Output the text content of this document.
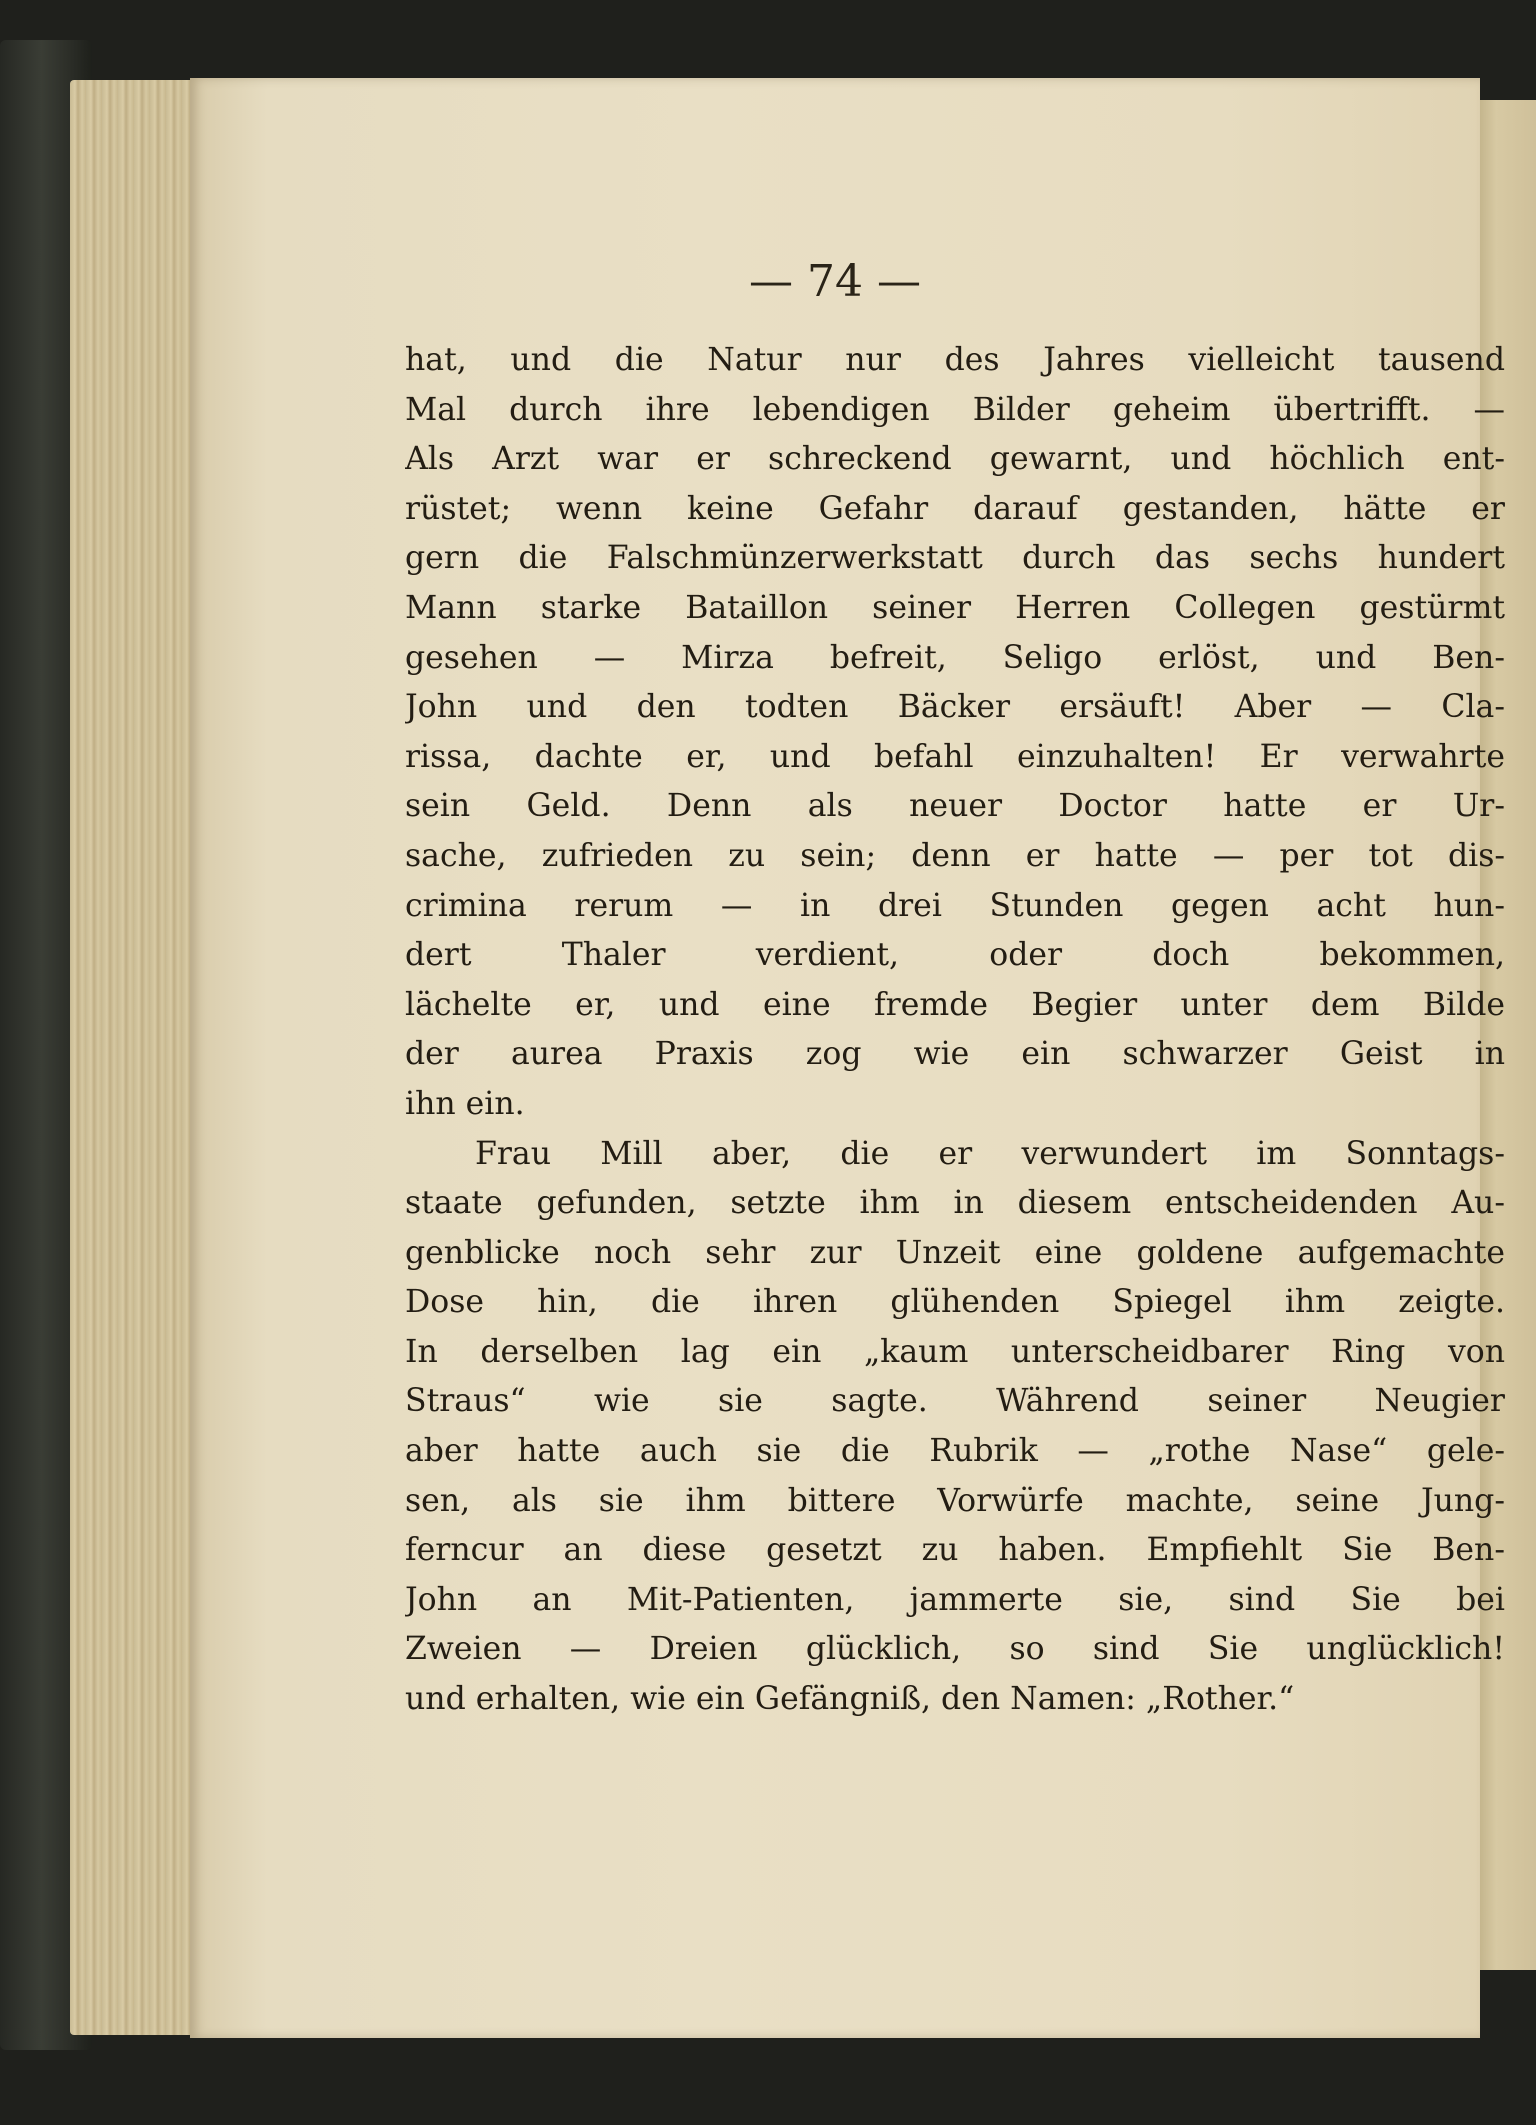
— 74 —
hat, und die Natur nur des Jahres vielleicht tausend
Mal durch ihre lebendigen Bilder geheim übertrifft. —
Als Arzt war er schreckend gewarnt, und höchlich ent-
rüstet; wenn keine Gefahr darauf gestanden, hätte er
gern die Falschmünzerwerkstatt durch das sechs hundert
Mann starke Bataillon seiner Herren Collegen gestürmt
gesehen — Mirza befreit, Seligo erlöst, und Ben-
John und den todten Bäcker ersäuft! Aber — Cla-
rissa, dachte er, und befahl einzuhalten! Er verwahrte
sein Geld. Denn als neuer Doctor hatte er Ur-
sache, zufrieden zu sein; denn er hatte — per tot dis-
crimina rerum — in drei Stunden gegen acht hun-
dert Thaler verdient, oder doch bekommen,
lächelte er, und eine fremde Begier unter dem Bilde
der aurea Praxis zog wie ein schwarzer Geist in
ihn ein.
Frau Mill aber, die er verwundert im Sonntags-
staate gefunden, setzte ihm in diesem entscheidenden Au-
genblicke noch sehr zur Unzeit eine goldene aufgemachte
Dose hin, die ihren glühenden Spiegel ihm zeigte.
In derselben lag ein „kaum unterscheidbarer Ring von
Straus“ wie sie sagte. Während seiner Neugier
aber hatte auch sie die Rubrik — „rothe Nase“ gele-
sen, als sie ihm bittere Vorwürfe machte, seine Jung-
ferncur an diese gesetzt zu haben. Empfiehlt Sie Ben-
John an Mit-Patienten, jammerte sie, sind Sie bei
Zweien — Dreien glücklich, so sind Sie unglücklich!
und erhalten, wie ein Gefängniß, den Namen: „Rother.“
